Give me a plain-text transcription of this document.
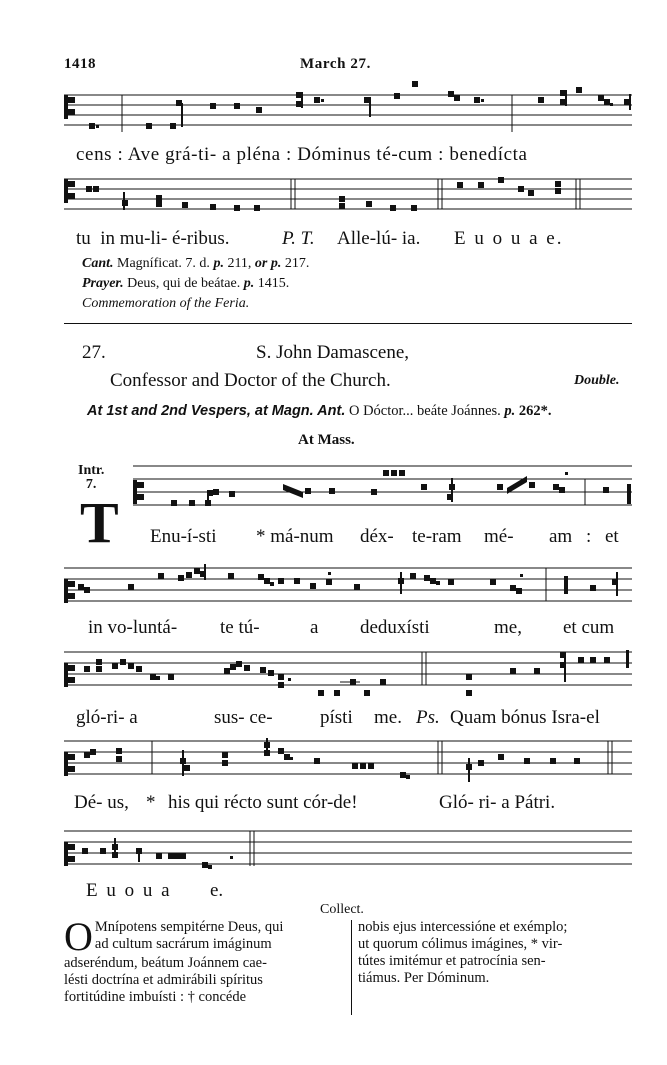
1418	March 27.
cens : Ave grá-ti- a pléna : Dóminus té-cum : benedícta
tu  in mu-li- é-ribus.	P. T. Alle-lú- ia. E u o u a e.
Cant. Magníficat. 7. d. p. 211, or p. 217.
Prayer. Deus, qui de beátae. p. 1415.
Commemoration of the Feria.
27.	S. John Damascene,
Confessor and Doctor of the Church.	Double.
At 1st and 2nd Vespers, at Magn. Ant. O Dóctor... beáte Joánnes. p. 262*.
At Mass.
Intr.
7.
T Enu-í-sti * má-num déx- te-ram mé- am : et
in vo-luntá- te tú-	a deduxísti	me, et cum
gló-ri- a	sus- ce- písti me. Ps. Quam bónus Isra-el
Dé- us, * his qui récto sunt cór-de!	Gló- ri- a Pátri.
E u o u a e.
Collect.
O Mnípotens sempitérne Deus, qui
ad cultum sacrárum imáginum
adseréndum, beátum Joánnem cae-
lésti doctrína et admirábili spíritus
fortitúdine imbuísti : † concéde
nobis ejus intercessióne et exémplo;
ut quorum cólimus imágines, * vir-
tútes imitémur et patrocínia sen-
tiámus. Per Dóminum.
